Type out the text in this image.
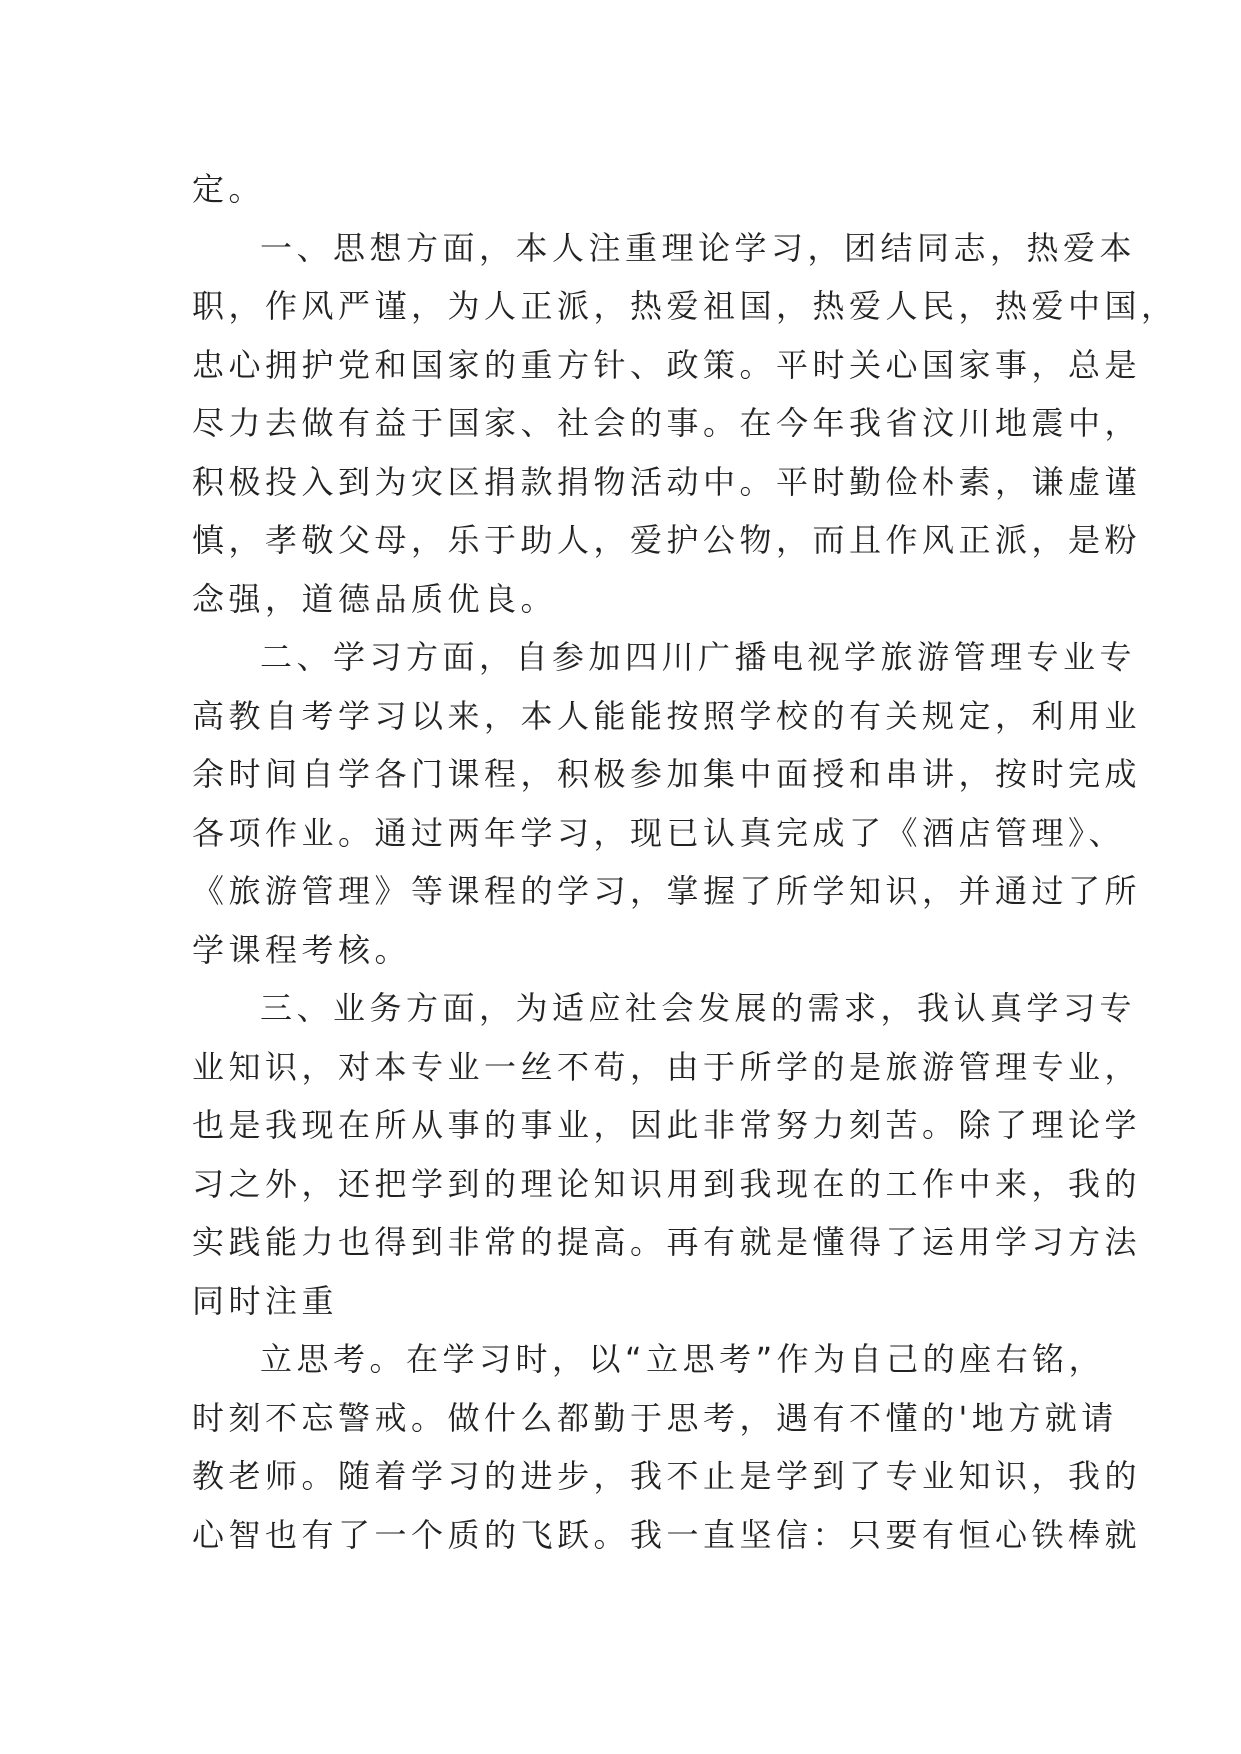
定。
一、思想方面，本人注重理论学习，团结同志，热爱本
职，作风严谨，为人正派，热爱祖国，热爱人民，热爱中国，
忠心拥护党和国家的重方针、政策。平时关心国家事，总是
尽力去做有益于国家、社会的事。在今年我省汶川地震中，
积极投入到为灾区捐款捐物活动中。平时勤俭朴素，谦虚谨
慎，孝敬父母，乐于助人，爱护公物，而且作风正派，是粉
念强，道德品质优良。
二、学习方面，自参加四川广播电视学旅游管理专业专
高教自考学习以来，本人能能按照学校的有关规定，利用业
余时间自学各门课程，积极参加集中面授和串讲，按时完成
各项作业。通过两年学习，现已认真完成了《酒店管理》、
《旅游管理》等课程的学习，掌握了所学知识，并通过了所
学课程考核。
三、业务方面，为适应社会发展的需求，我认真学习专
业知识，对本专业一丝不苟，由于所学的是旅游管理专业，
也是我现在所从事的事业，因此非常努力刻苦。除了理论学
习之外，还把学到的理论知识用到我现在的工作中来，我的
实践能力也得到非常的提高。再有就是懂得了运用学习方法
同时注重
立思考。在学习时，以“立思考”作为自己的座右铭，
时刻不忘警戒。做什么都勤于思考，遇有不懂的'地方就请
教老师。随着学习的进步，我不止是学到了专业知识，我的
心智也有了一个质的飞跃。我一直坚信：只要有恒心铁棒就
